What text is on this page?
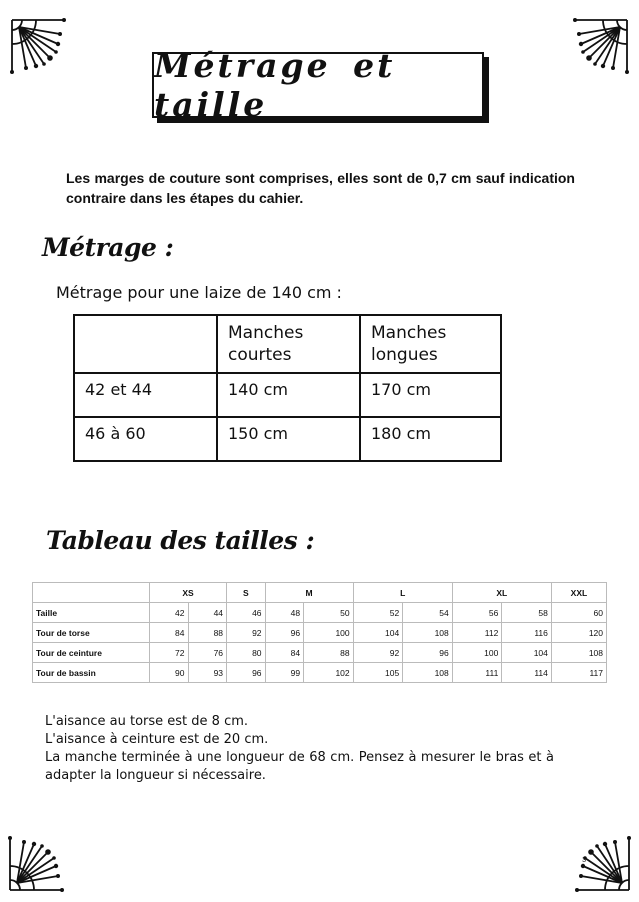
Métrage et taille
Les marges de couture sont comprises, elles sont de 0,7 cm sauf indication contraire dans les étapes du cahier.
Métrage :
Métrage pour une laize de 140 cm :
	Manches courtes	Manches longues
42 et 44	140 cm	170 cm
46 à 60	150 cm	180 cm
Tableau des tailles :
	XS		S	M		L		XL		XXL
Taille	42	44	46	48	50	52	54	56	58	60
Tour de torse	84	88	92	96	100	104	108	112	116	120
Tour de ceinture	72	76	80	84	88	92	96	100	104	108
Tour de bassin	90	93	96	99	102	105	108	111	114	117

L'aisance au torse est de 8 cm.

L'aisance à ceinture est de 20 cm.

La manche terminée à une longueur de 68 cm. Pensez à mesurer le bras et à adapter la longueur si nécessaire.

3
